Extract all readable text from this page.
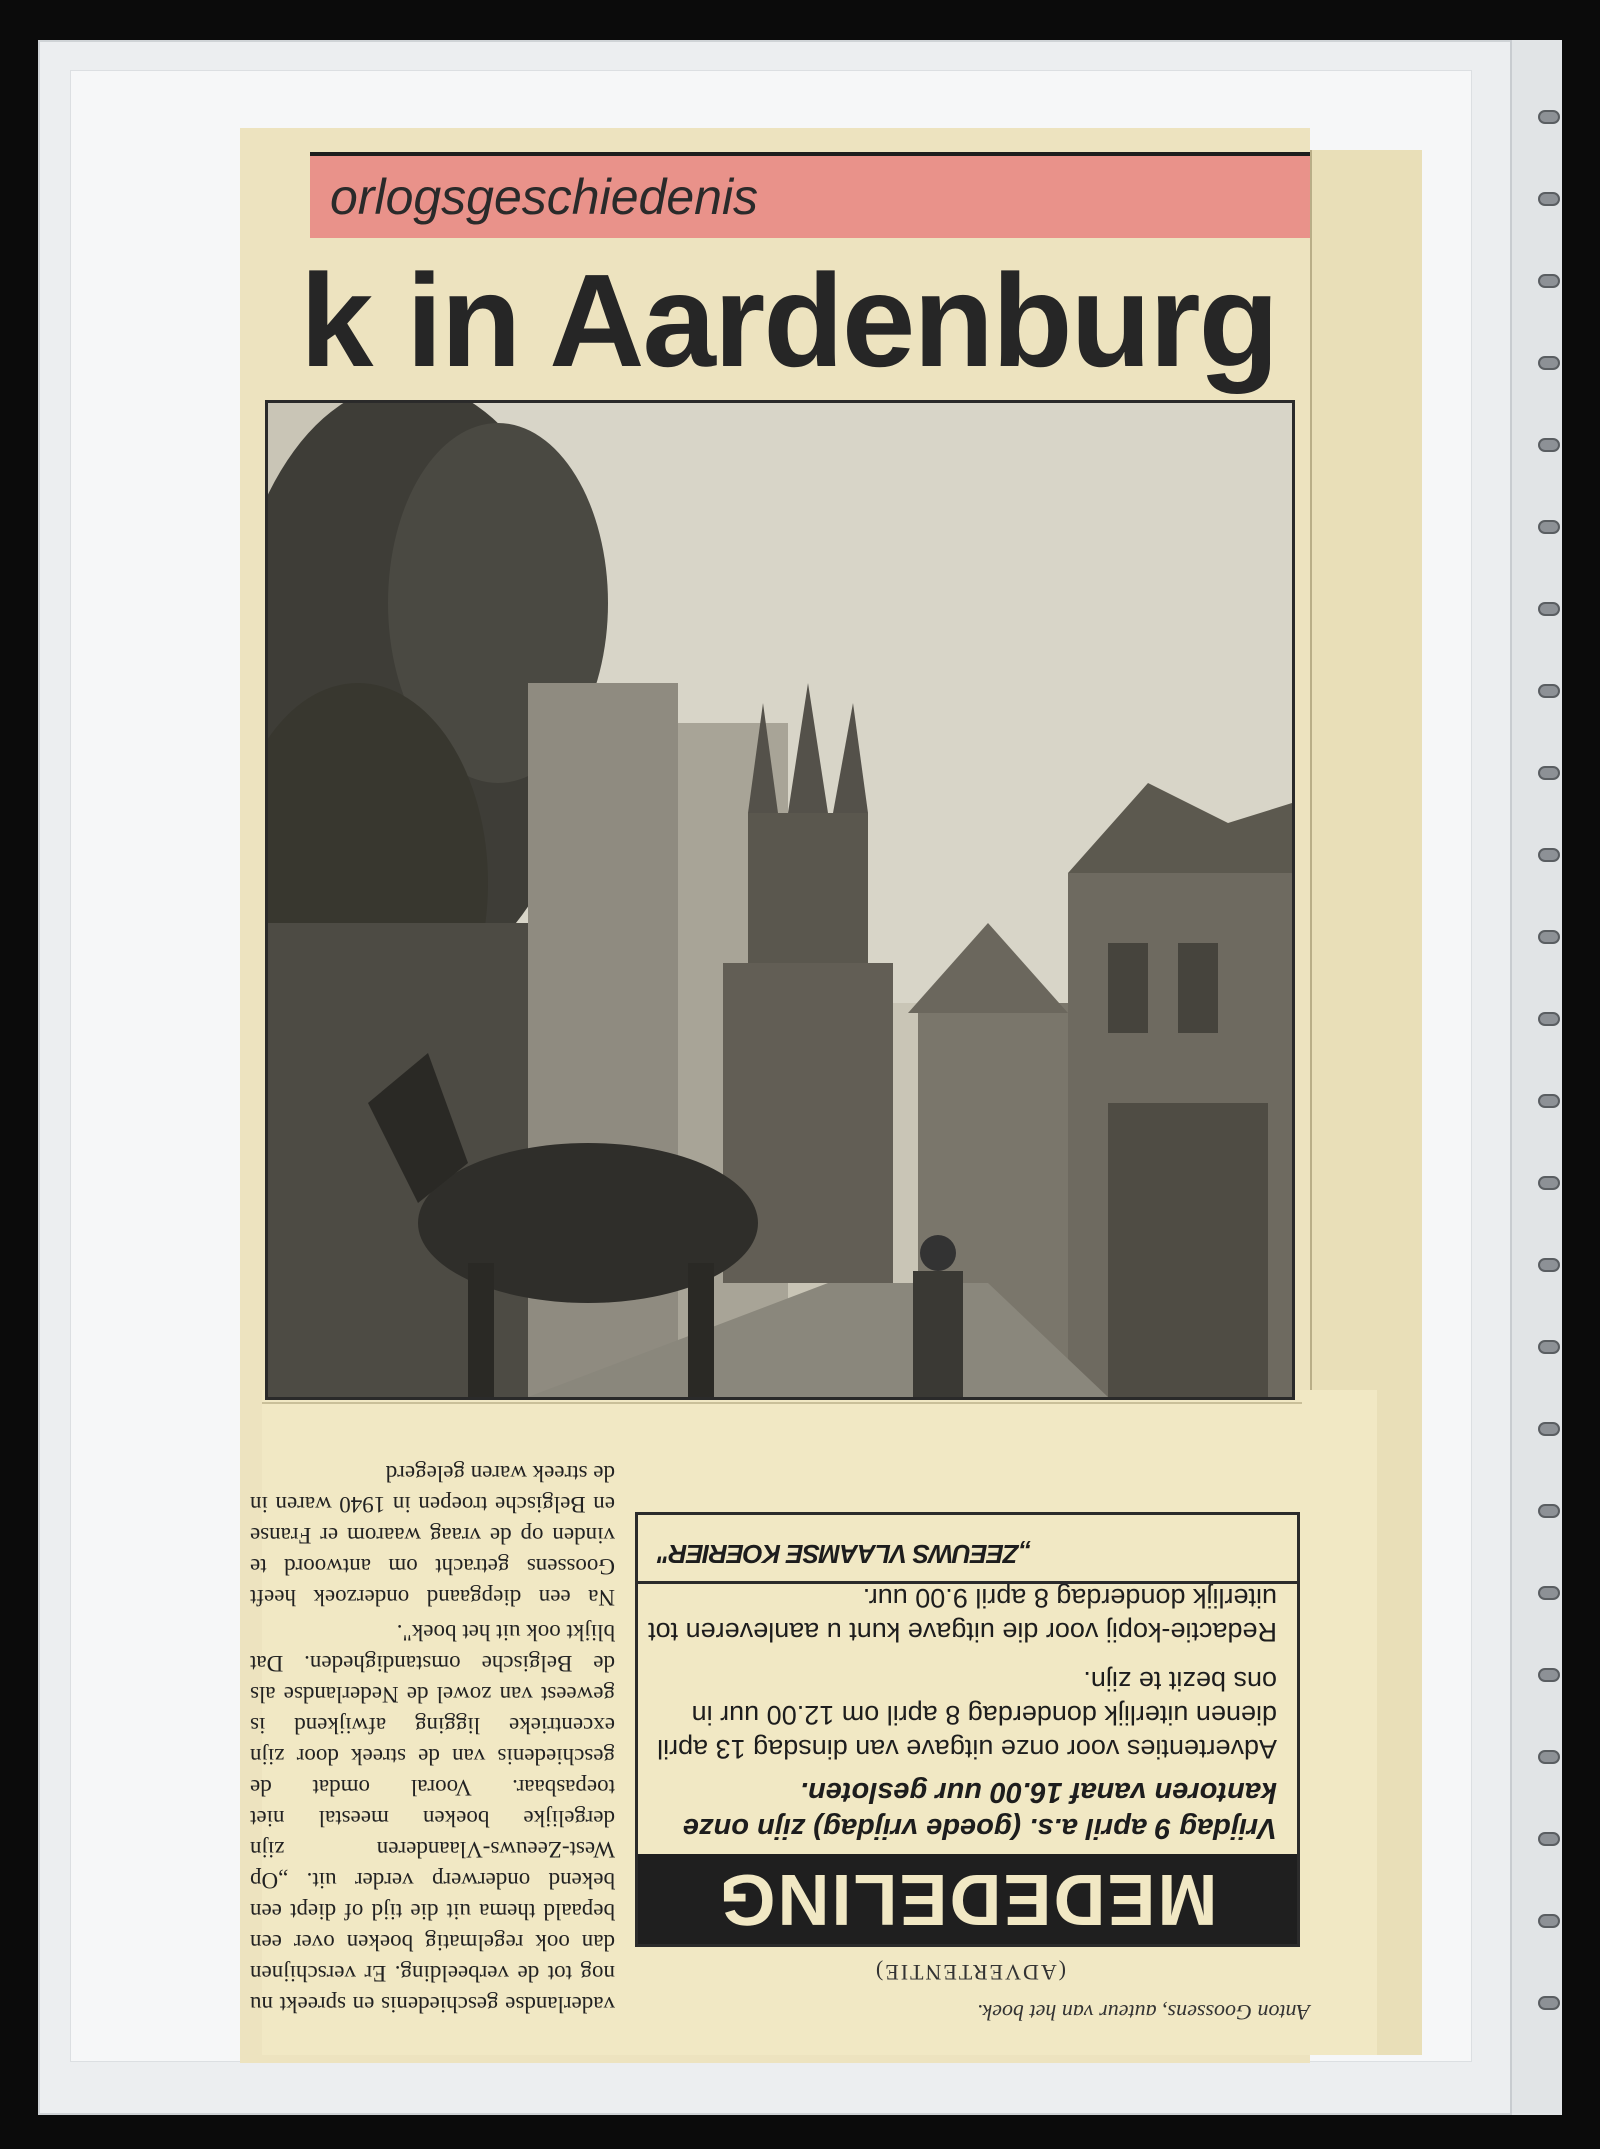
orlogsgeschiedenis
k in Aardenburg
Anton Goossens, auteur van het boek.
(ADVERTENTIE)
MEDEDELING
Vrijdag 9 april a.s. (goede vrijdag) zijn onze kantoren vanaf 16.00 uur gesloten.
Advertenties voor onze uitgave van dinsdag 13 april dienen uiterlijk donderdag 8 april om 12.00 uur in ons bezit te zijn.
Redactie-kopij voor die uitgave kunt u aanleveren tot uiterlijk donderdag 8 april 9.00 uur.
„ZEEUWS VLAAMSE KOERIER"

vaderlandse geschiedenis en spreekt nu nog tot de verbeelding. Er verschijnen dan ook regelmatig boeken over een bepaald thema uit die tijd of diept een bekend onderwerp verder uit. „Op West-Zeeuws-Vlaanderen zijn dergelijke boeken meestal niet toepasbaar. Vooral omdat de geschiedenis van de streek door zijn excentrieke ligging afwijkend is geweest van zowel de Nederlandse als de Belgische omstandigheden. Dat blijkt ook uit het boek".

Na een diepgaand onderzoek heeft Goossens getracht om antwoord te vinden op de vraag waarom er Franse en Belgische troepen in 1940 waren in de streek waren gelegerd
